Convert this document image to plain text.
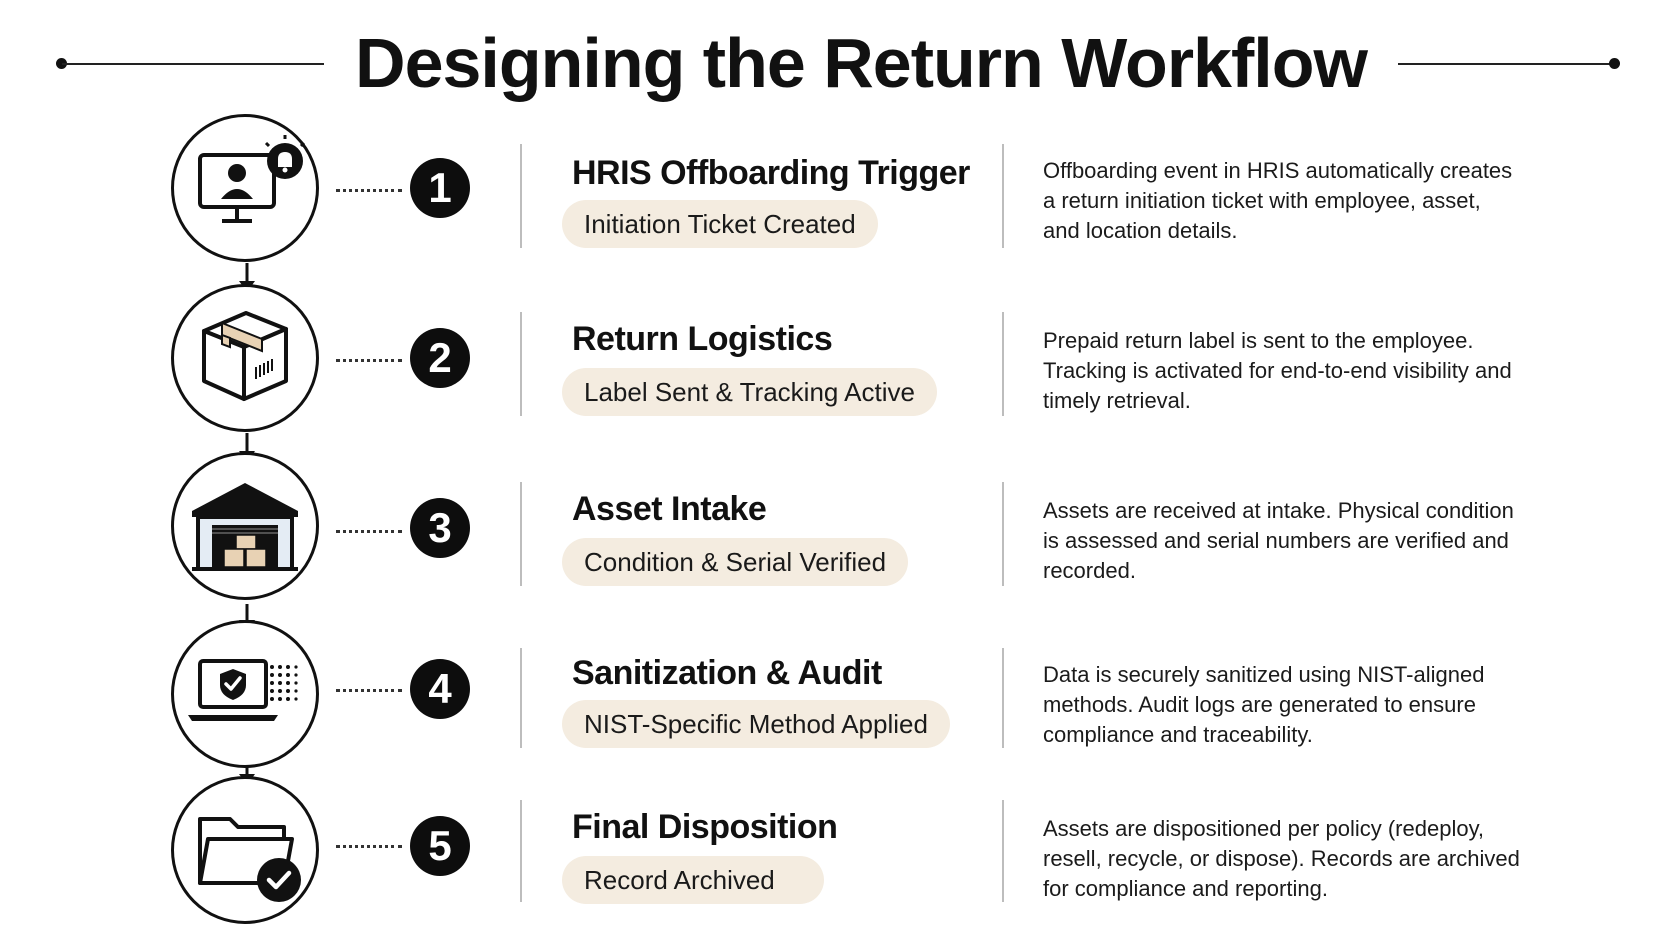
Designing the Return Workflow
1	HRIS Offboarding Trigger
Initiation Ticket Created
Offboarding event in HRIS automatically creates a return initiation ticket with employee, asset, and location details.
2	Return Logistics
Label Sent & Tracking Active
Prepaid return label is sent to the employee. Tracking is activated for end-to-end visibility and timely retrieval.
3	Asset Intake
Condition & Serial Verified
Assets are received at intake. Physical condition is assessed and serial numbers are verified and recorded.
4	Sanitization & Audit
NIST-Specific Method Applied
Data is securely sanitized using NIST-aligned methods. Audit logs are generated to ensure compliance and traceability.
5	Final Disposition
Record Archived
Assets are dispositioned per policy (redeploy, resell, recycle, or dispose). Records are archived for compliance and reporting.
